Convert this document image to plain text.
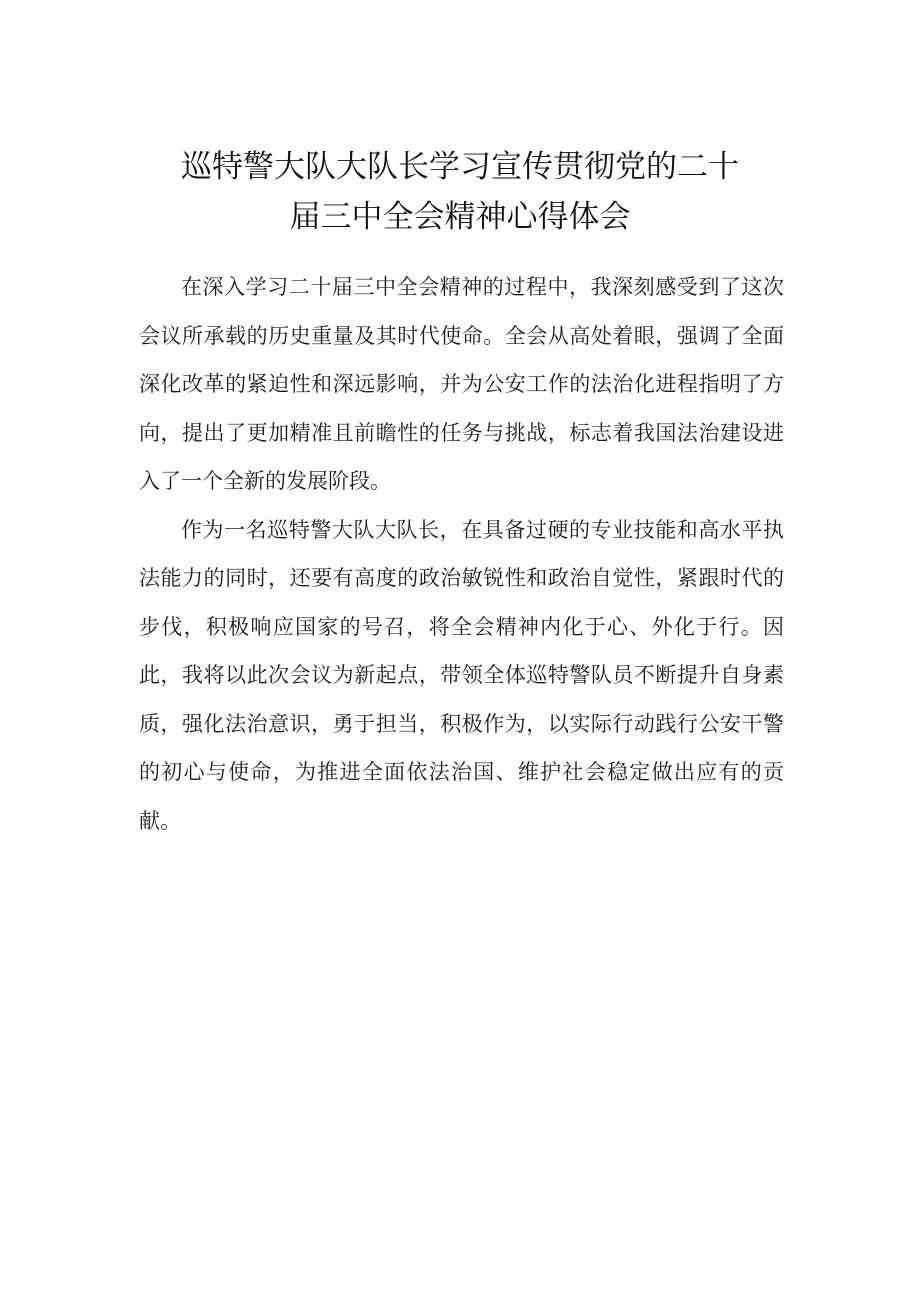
巡特警大队大队长学习宣传贯彻党的二十
届三中全会精神心得体会

在深入学习二十届三中全会精神的过程中，我深刻感受到了这次会议所承载的历史重量及其时代使命。全会从高处着眼，强调了全面深化改革的紧迫性和深远影响，并为公安工作的法治化进程指明了方向，提出了更加精准且前瞻性的任务与挑战，标志着我国法治建设进入了一个全新的发展阶段。

作为一名巡特警大队大队长，在具备过硬的专业技能和高水平执法能力的同时，还要有高度的政治敏锐性和政治自觉性，紧跟时代的步伐，积极响应国家的号召，将全会精神内化于心、外化于行。因此，我将以此次会议为新起点，带领全体巡特警队员不断提升自身素质，强化法治意识，勇于担当，积极作为，以实际行动践行公安干警的初心与使命，为推进全面依法治国、维护社会稳定做出应有的贡献。
